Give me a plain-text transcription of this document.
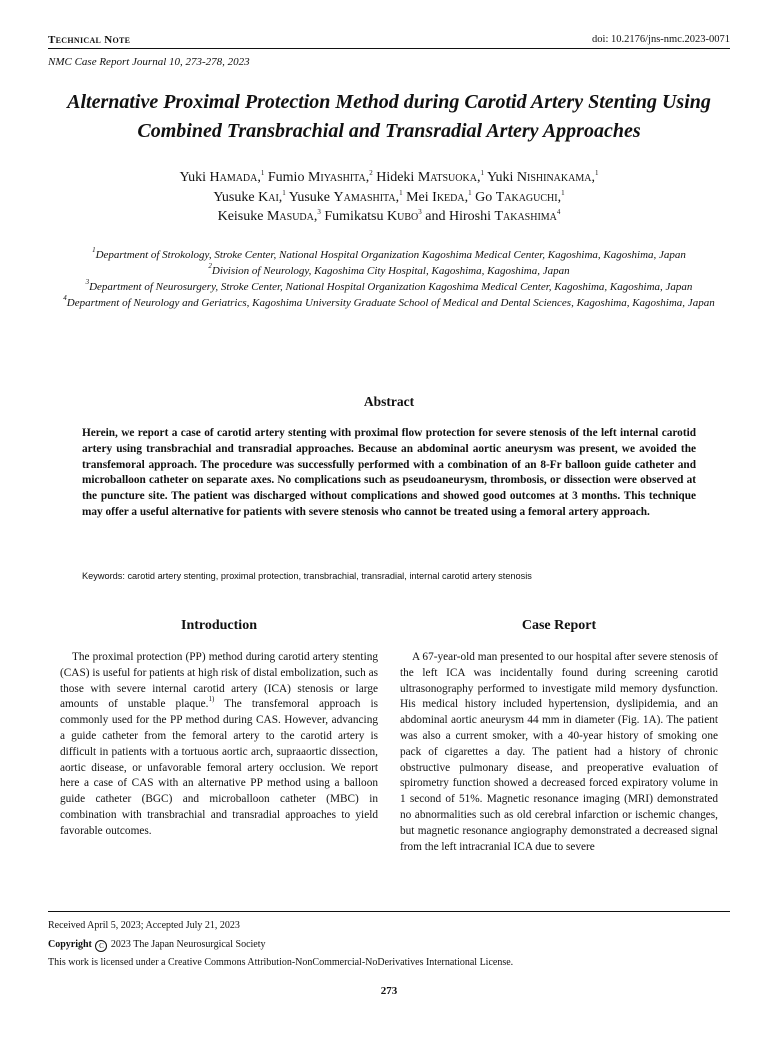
Technical Note	doi: 10.2176/jns-nmc.2023-0071
NMC Case Report Journal 10, 273-278, 2023
Alternative Proximal Protection Method during Carotid Artery Stenting Using Combined Transbrachial and Transradial Artery Approaches
Yuki Hamada,$^1$ Fumio Miyashita,$^2$ Hideki Matsuoka,$^1$ Yuki Nishinakama,$^1$
Yusuke Kai,$^1$ Yusuke Yamashita,$^1$ Mei Ikeda,$^1$ Go Takaguchi,$^1$
Keisuke Masuda,$^3$ Fumikatsu Kubo$^3$ and Hiroshi Takashima$^4$
$^1$Department of Strokology, Stroke Center, National Hospital Organization Kagoshima Medical Center, Kagoshima, Kagoshima, Japan
$^2$Division of Neurology, Kagoshima City Hospital, Kagoshima, Kagoshima, Japan
$^3$Department of Neurosurgery, Stroke Center, National Hospital Organization Kagoshima Medical Center, Kagoshima, Kagoshima, Japan
$^4$Department of Neurology and Geriatrics, Kagoshima University Graduate School of Medical and Dental Sciences, Kagoshima, Kagoshima, Japan
Abstract
Herein, we report a case of carotid artery stenting with proximal flow protection for severe stenosis of the left internal carotid artery using transbrachial and transradial approaches. Because an abdominal aortic aneurysm was present, we avoided the transfemoral approach. The procedure was successfully performed with a combination of an 8-Fr balloon guide catheter and microballoon catheter on separate axes. No complications such as pseudoaneurysm, thrombosis, or dissection were observed at the puncture site. The patient was discharged without complications and showed good outcomes at 3 months. This technique may offer a useful alternative for patients with severe stenosis who cannot be treated using a femoral artery approach.
Keywords: carotid artery stenting, proximal protection, transbrachial, transradial, internal carotid artery stenosis
Introduction

The proximal protection (PP) method during carotid artery stenting (CAS) is useful for patients at high risk of distal embolization, such as those with severe internal carotid artery (ICA) stenosis or large amounts of unstable plaque.$^{1)}$ The transfemoral approach is commonly used for the PP method during CAS. However, advancing a guide catheter from the femoral artery to the carotid artery is difficult in patients with a tortuous aortic arch, supraaortic dissection, aortic disease, or unfavorable femoral artery occlusion. We report here a case of CAS with an alternative PP method using a balloon guide catheter (BGC) and microballoon catheter (MBC) in combination with transbrachial and transradial approaches to yield favorable outcomes.

Case Report

A 67-year-old man presented to our hospital after severe stenosis of the left ICA was incidentally found during screening carotid ultrasonography performed to investigate mild memory dysfunction. His medical history included hypertension, dyslipidemia, and an abdominal aortic aneurysm 44 mm in diameter (Fig. 1A). The patient was also a current smoker, with a 40-year history of smoking one pack of cigarettes a day. The patient had a history of chronic obstructive pulmonary disease, and preoperative evaluation of spirometry function showed a decreased forced expiratory volume in 1 second of 51%. Magnetic resonance imaging (MRI) demonstrated no abnormalities such as old cerebral infarction or ischemic changes, but magnetic resonance angiography demonstrated a decreased signal from the left intracranial ICA due to severe

Received April 5, 2023; Accepted July 21, 2023
Copyright C 2023 The Japan Neurosurgical Society
This work is licensed under a Creative Commons Attribution-NonCommercial-NoDerivatives International License.
273
